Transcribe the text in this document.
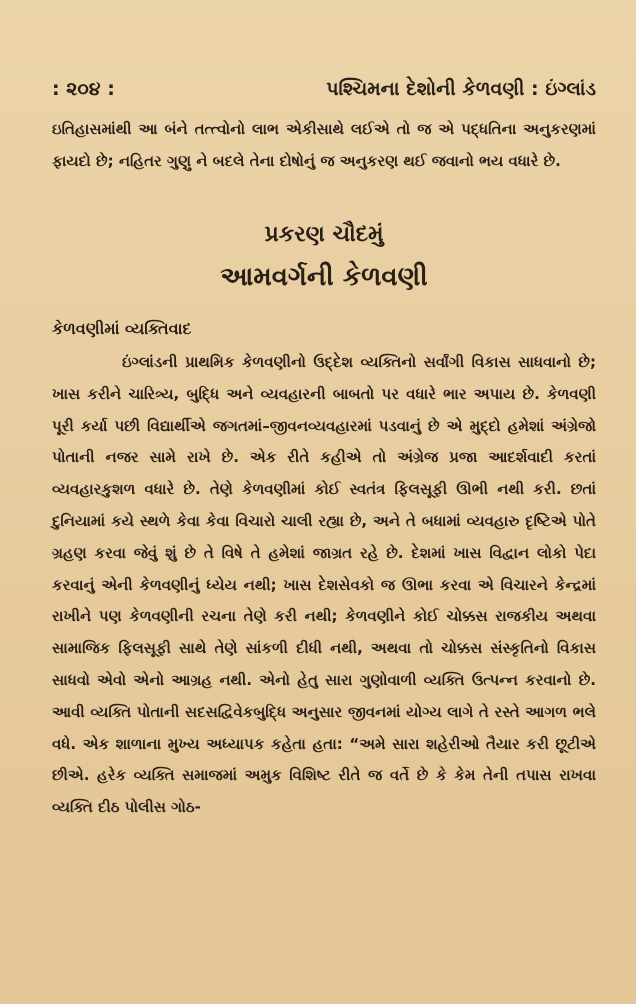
: ૨૦૪ :	પશ્ચિમના દેશોની કેળવણી : ઇંગ્લાંડ

ઇતિહાસમાંથી આ બંને તત્ત્વોનો લાભ એકીસાથે લઈએ તો જ એ પદ્ધતિના અનુકરણમાં ફાયદો છે; નહિતર ગુણુ ને બદલે તેના દોષોનું જ અનુકરણ થઈ જવાનો ભય વધારે છે.

પ્રકરણ ચૌદમું
આમવર્ગની કેળવણી
કેળવણીમાં વ્યક્તિવાદ

ઇંગ્લાંડની પ્રાથમિક કેળવણીનો ઉદ્દેશ વ્યક્તિનો સર્વાંગી વિકાસ સાધવાનો છે; ખાસ કરીને ચારિત્ર્ય, બુદ્ધિ અને વ્યવહારની બાબતો પર વધારે ભાર અપાય છે. કેળવણી પૂરી કર્યા પછી વિદ્યાર્થીએ જગતમાં–જીવનવ્યવહારમાં પડવાનું છે એ મુદ્દો હમેશાં અંગ્રેજો પોતાની નજર સામે રાખે છે. એક રીતે કહીએ તો અંગ્રેજ પ્રજા આદર્શવાદી કરતાં વ્યવહારકુશળ વધારે છે. તેણે કેળવણીમાં કોઈ સ્વતંત્ર ફિલસૂફી ઊભી નથી કરી. છતાં દુનિયામાં કયે સ્થળે કેવા કેવા વિચારો ચાલી રહ્યા છે, અને તે બધામાં વ્યવહારુ દૃષ્ટિએ પોતે ગ્રહણ કરવા જેવું શું છે તે વિષે તે હમેશાં જાગ્રત રહે છે. દેશમાં ખાસ વિદ્વાન લોકો પેદા કરવાનું એની કેળવણીનું ધ્યેય નથી; ખાસ દેશસેવકો જ ઊભા કરવા એ વિચારને કેન્દ્રમાં રાખીને પણ કેળવણીની રચના તેણે કરી નથી; કેળવણીને કોઈ ચોક્કસ રાજકીય અથવા સામાજિક ફિલસૂફી સાથે તેણે સાંકળી દીધી નથી, અથવા તો ચોક્કસ સંસ્કૃતિનો વિકાસ સાધવો એવો એનો આગ્રહ નથી. એનો હેતુ સારા ગુણોવાળી વ્યક્તિ ઉત્પન્ન કરવાનો છે. આવી વ્યક્તિ પોતાની સદસદ્વિવેકબુદ્ધિ અનુસાર જીવનમાં યોગ્ય લાગે તે રસ્તે આગળ ભલે વધે. એક શાળાના મુખ્ય અધ્યાપક કહેતા હતા: “અમે સારા શહેરીઓ તૈયાર કરી છૂટીએ છીએ. હરેક વ્યક્તિ સમાજમાં અમુક વિશિષ્ટ રીતે જ વર્તે છે કે કેમ તેની તપાસ રાખવા વ્યક્તિ દીઠ પોલીસ ગોઠ-
